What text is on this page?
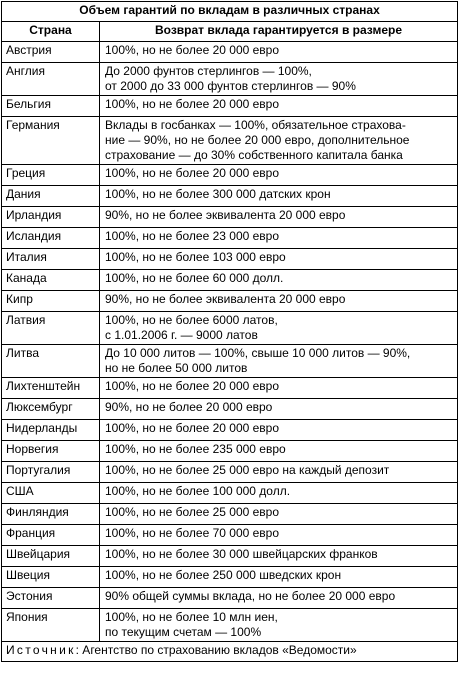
Объем гарантий по вкладам в различных странах	
Страна	Возврат вклада гарантируется в размере
Австрия	100%, но не более 20 000 евро

Англия	До 2000 фунтов стерлингов — 100%,
от 2000 до 33 000 фунтов стерлингов — 90%

Бельгия	100%, но не более 20 000 евро

Германия	Вклады в госбанках — 100%, обязательное страхова-
ние — 90%, но не более 20 000 евро, дополнительное
страхование — до 30% собственного капитала банка

Греция	100%, но не более 20 000 евро

Дания	100%, но не более 300 000 датских крон

Ирландия	90%, но не более эквивалента 20 000 евро

Исландия	100%, но не более 23 000 евро

Италия	100%, но не более 103 000 евро

Канада	100%, но не более 60 000 долл.

Кипр	90%, но не более эквивалента 20 000 евро

Латвия	100%, но не более 6000 латов,
с 1.01.2006 г. — 9000 латов

Литва	До 10 000 литов — 100%, свыше 10 000 литов — 90%,
но не более 50 000 литов

Лихтенштейн	100%, но не более 20 000 евро

Люксембург	90%, но не более 20 000 евро

Нидерланды	100%, но не более 20 000 евро

Норвегия	100%, но не более 235 000 евро

Португалия	100%, но не более 25 000 евро на каждый депозит

США	100%, но не более 100 000 долл.

Финляндия	100%, но не более 25 000 евро

Франция	100%, но не более 70 000 евро

Швейцария	100%, но не более 30 000 швейцарских франков

Швеция	100%, но не более 250 000 шведских крон

Эстония	90% общей суммы вклада, но не более 20 000 евро

Япония	100%, но не более 10 млн иен,
по текущим счетам — 100%

Источник: Агентство по страхованию вкладов «Ведомости»	
